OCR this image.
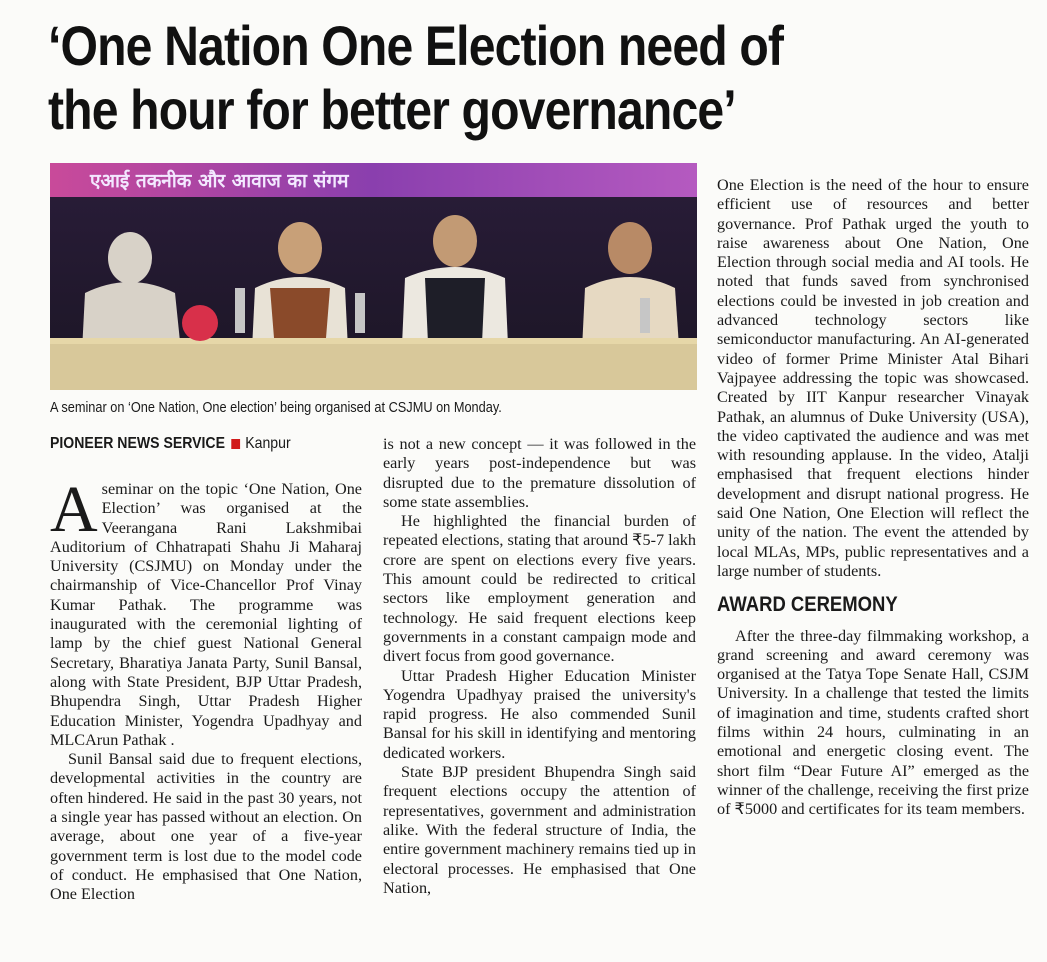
‘One Nation One Election need of
the hour for better governance’
एआई तकनीक और आवाज का संगम
A seminar on ‘One Nation, One election’ being organised at CSJMU on Monday.
PIONEER NEWS SERVICE Kanpur

Aseminar on the topic ‘One Nation, One Election’ was organised at the Veerangana Rani Lakshmibai Auditorium of Chhatrapati Shahu Ji Maharaj University (CSJMU) on Monday under the chairmanship of Vice-Chancellor Prof Vinay Kumar Pathak. The programme was inaugurated with the ceremonial lighting of lamp by the chief guest National General Secretary, Bharatiya Janata Party, Sunil Bansal, along with State President, BJP Uttar Pradesh, Bhupendra Singh, Uttar Pradesh Higher Education Minister, Yogendra Upadhyay and MLCArun Pathak .

Sunil Bansal said due to frequent elections, developmental activities in the country are often hindered. He said in the past 30 years, not a single year has passed without an election. On average, about one year of a five-year government term is lost due to the model code of conduct. He emphasised that One Nation, One Election

is not a new concept — it was followed in the early years post-independence but was disrupted due to the premature dissolution of some state assemblies.

He highlighted the financial burden of repeated elections, stating that around ₹5-7 lakh crore are spent on elections every five years. This amount could be redirected to critical sectors like employment generation and technology. He said frequent elections keep governments in a constant campaign mode and divert focus from good governance.

Uttar Pradesh Higher Education Minister Yogendra Upadhyay praised the university's rapid progress. He also commended Sunil Bansal for his skill in identifying and mentoring dedicated workers.

State BJP president Bhupendra Singh said frequent elections occupy the attention of representatives, government and administration alike. With the federal structure of India, the entire government machinery remains tied up in electoral processes. He emphasised that One Nation,

One Election is the need of the hour to ensure efficient use of resources and better governance. Prof Pathak urged the youth to raise awareness about One Nation, One Election through social media and AI tools. He noted that funds saved from synchronised elections could be invested in job creation and advanced technology sectors like semiconductor manufacturing. An AI-generated video of former Prime Minister Atal Bihari Vajpayee addressing the topic was showcased. Created by IIT Kanpur researcher Vinayak Pathak, an alumnus of Duke University (USA), the video captivated the audience and was met with resounding applause. In the video, Atalji emphasised that frequent elections hinder development and disrupt national progress. He said One Nation, One Election will reflect the unity of the nation. The event the attended by local MLAs, MPs, public representatives and a large number of students.

AWARD CEREMONY

After the three-day filmmaking workshop, a grand screening and award ceremony was organised at the Tatya Tope Senate Hall, CSJM University. In a challenge that tested the limits of imagination and time, students crafted short films within 24 hours, culminating in an emotional and energetic closing event. The short film “Dear Future AI” emerged as the winner of the challenge, receiving the first prize of ₹5000 and certificates for its team members.
